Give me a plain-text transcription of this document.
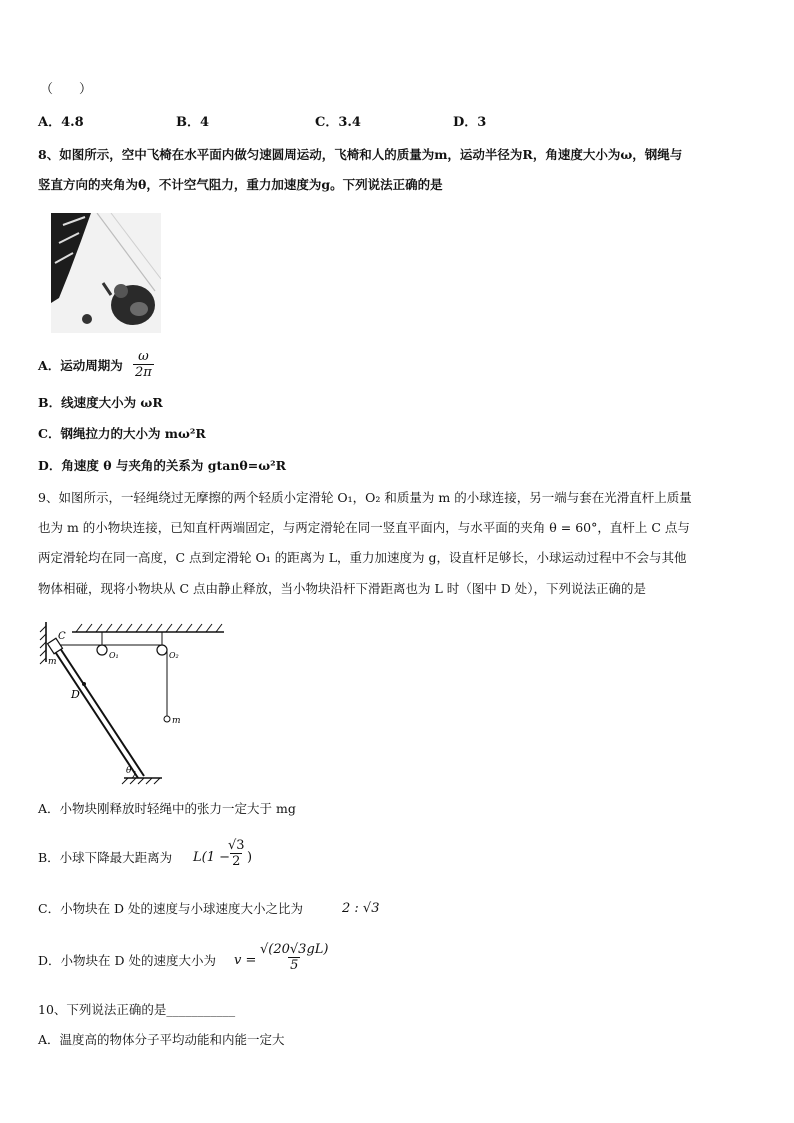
（　　）
A．4.8	B．4	C．3.4	D．3
8、如图所示，空中飞椅在水平面内做匀速圆周运动，飞椅和人的质量为m，运动半径为R，角速度大小为ω，钢绳与
竖直方向的夹角为θ，不计空气阻力，重力加速度为g。下列说法正确的是
A．运动周期为 $\frac{\omega}{2\pi}$
B．线速度大小为 ωR
C．钢绳拉力的大小为 mω²R
D．角速度 θ 与夹角的关系为 gtanθ=ω²R
9、如图所示，一轻绳绕过无摩擦的两个轻质小定滑轮 O₁，O₂ 和质量为 m 的小球连接，另一端与套在光滑直杆上质量
也为 m 的小物块连接，已知直杆两端固定，与两定滑轮在同一竖直平面内，与水平面的夹角 θ = 60°，直杆上 C 点与
两定滑轮均在同一高度，C 点到定滑轮 O₁ 的距离为 L，重力加速度为 g，设直杆足够长，小球运动过程中不会与其他
物体相碰，现将小物块从 C 点由静止释放，当小物块沿杆下滑距离也为 L 时（图中 D 处），下列说法正确的是
C
m
O₁	O₂
D
m
θ
A．小物块刚释放时轻绳中的张力一定大于 mg
B．小球下降最大距离为 L(1 −
$\frac{√3}{2}$ )
C．小物块在 D 处的速度与小球速度大小之比为	2 : √3
D．小物块在 D 处的速度大小为 $v = \frac{√(20√3gL)}{5}$
10、下列说法正确的是___________
A．温度高的物体分子平均动能和内能一定大
